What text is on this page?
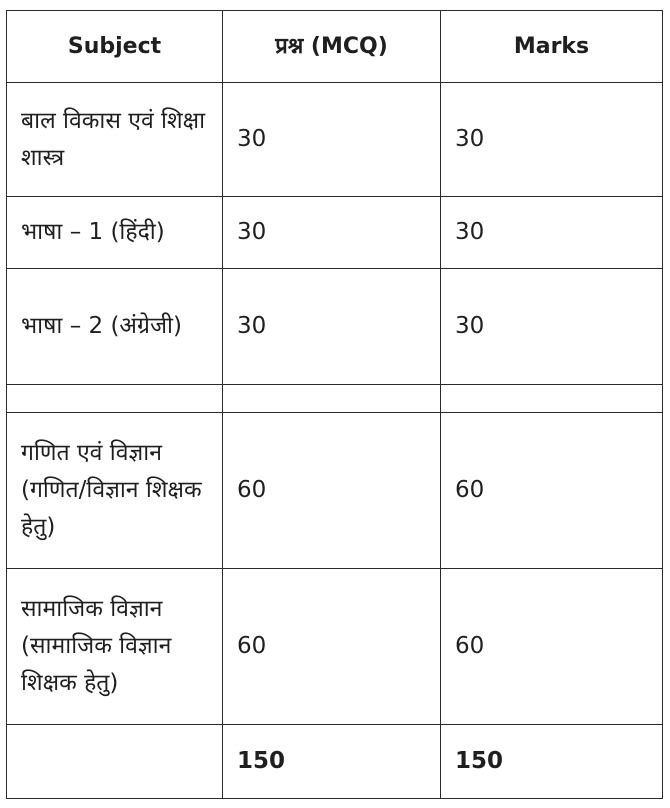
Subject	प्रश्न (MCQ)	Marks
बाल विकास एवं शिक्षा शास्त्र	30	30
भाषा – 1 (हिंदी)	30	30
भाषा – 2 (अंग्रेजी)	30	30

गणित एवं विज्ञान (गणित/विज्ञान शिक्षक हेतु)	60	60
सामाजिक विज्ञान (सामाजिक विज्ञान शिक्षक हेतु)	60	60
	150	150
